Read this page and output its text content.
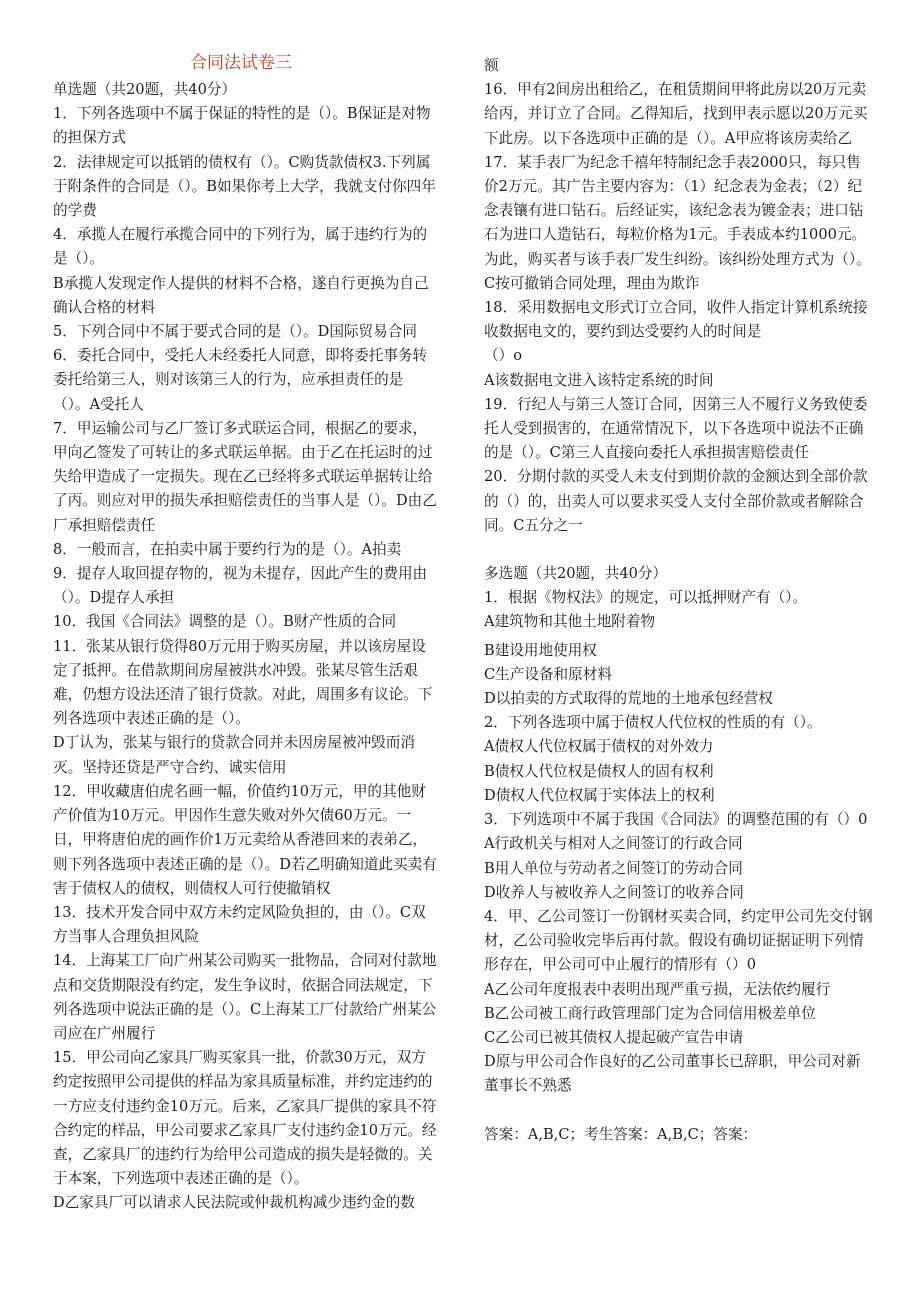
合同法试卷三

单选题（共20题，共40分）

1．下列各选项中不属于保证的特性的是（）。B保证是对物的担保方式

2．法律规定可以抵销的债权有（）。C购货款债权3.下列属于附条件的合同是（）。B如果你考上大学，我就支付你四年的学费

4．承揽人在履行承揽合同中的下列行为，属于违约行为的是（）。

B承揽人发现定作人提供的材料不合格，遂自行更换为自己确认合格的材料

5．下列合同中不属于要式合同的是（）。D国际贸易合同

6．委托合同中，受托人未经委托人同意，即将委托事务转委托给第三人，则对该第三人的行为，应承担责任的是（）。A受托人

7．甲运输公司与乙厂签订多式联运合同，根据乙的要求，甲向乙签发了可转让的多式联运单据。由于乙在托运时的过失给甲造成了一定损失。现在乙已经将多式联运单据转让给了丙。则应对甲的损失承担赔偿责任的当事人是（）。D由乙厂承担赔偿责任

8．一般而言，在拍卖中属于要约行为的是（）。A拍卖

9．提存人取回提存物的，视为未提存，因此产生的费用由（）。D提存人承担

10．我国《合同法》调整的是（）。B财产性质的合同

11．张某从银行贷得80万元用于购买房屋，并以该房屋设定了抵押。在借款期间房屋被洪水冲毁。张某尽管生活艰难，仍想方设法还清了银行贷款。对此，周围多有议论。下列各选项中表述正确的是（）。

D丁认为，张某与银行的贷款合同并未因房屋被冲毁而消灭。坚持还贷是严守合约、诚实信用

12．甲收藏唐伯虎名画一幅，价值约10万元，甲的其他财产价值为10万元。甲因作生意失败对外欠债60万元。一日，甲将唐伯虎的画作价1万元卖给从香港回来的表弟乙，则下列各选项中表述正确的是（）。D若乙明确知道此买卖有害于债权人的债权，则债权人可行使撤销权

13．技术开发合同中双方未约定风险负担的，由（）。C双方当事人合理负担风险

14．上海某工厂向广州某公司购买一批物品，合同对付款地点和交货期限没有约定，发生争议时，依据合同法规定，下列各选项中说法正确的是（）。C上海某工厂付款给广州某公司应在广州履行

15．甲公司向乙家具厂购买家具一批，价款30万元，双方约定按照甲公司提供的样品为家具质量标准，并约定违约的一方应支付违约金10万元。后来，乙家具厂提供的家具不符合约定的样品，甲公司要求乙家具厂支付违约金10万元。经查，乙家具厂的违约行为给甲公司造成的损失是轻微的。关于本案，下列选项中表述正确的是（）。

D乙家具厂可以请求人民法院或仲裁机构减少违约金的数

额

16．甲有2间房出租给乙，在租赁期间甲将此房以20万元卖给丙，并订立了合同。乙得知后，找到甲表示愿以20万元买下此房。以下各选项中正确的是（）。A甲应将该房卖给乙

17．某手表厂为纪念千禧年特制纪念手表2000只，每只售价2万元。其广告主要内容为：（1）纪念表为金表；（2）纪念表镶有进口钻石。后经证实，该纪念表为镀金表；进口钻石为进口人造钻石，每粒价格为1元。手表成本约1000元。为此，购买者与该手表厂发生纠纷。该纠纷处理方式为（）。C按可撤销合同处理，理由为欺诈

18．采用数据电文形式订立合同，收件人指定计算机系统接收数据电文的，要约到达受要约人的时间是

（）o

A该数据电文进入该特定系统的时间

19．行纪人与第三人签订合同，因第三人不履行义务致使委托人受到损害的，在通常情况下，以下各选项中说法不正确的是（）。C第三人直接向委托人承担损害赔偿责任

20．分期付款的买受人未支付到期价款的金额达到全部价款的（）的，出卖人可以要求买受人支付全部价款或者解除合同。C五分之一

多选题（共20题，共40分）

1．根据《物权法》的规定，可以抵押财产有（）。

A建筑物和其他土地附着物

B建设用地使用权

C生产设备和原材料

D以拍卖的方式取得的荒地的土地承包经营权

2．下列各选项中属于债权人代位权的性质的有（）。

A债权人代位权属于债权的对外效力

B债权人代位权是债权人的固有权利

D债权人代位权属于实体法上的权利

3．下列选项中不属于我国《合同法》的调整范围的有（）0

A行政机关与相对人之间签订的行政合同

B用人单位与劳动者之间签订的劳动合同

D收养人与被收养人之间签订的收养合同

4．甲、乙公司签订一份钢材买卖合同，约定甲公司先交付钢材，乙公司验收完毕后再付款。假设有确切证据证明下列情形存在，甲公司可中止履行的情形有（）0

A乙公司年度报表中表明出现严重亏损，无法依约履行

B乙公司被工商行政管理部门定为合同信用极差单位

C乙公司已被其债权人提起破产宣告申请

D原与甲公司合作良好的乙公司董事长已辞职，甲公司对新董事长不熟悉

答案：A,B,C；考生答案：A,B,C；答案：
